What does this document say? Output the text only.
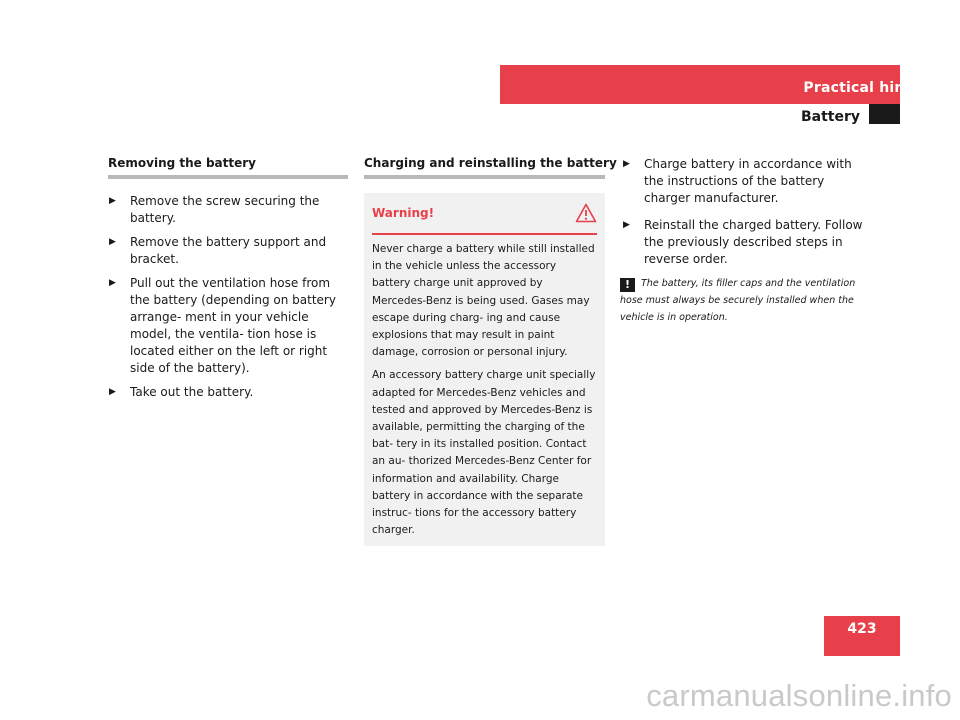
Practical hints
Battery
Removing the battery
▶	Remove the screw securing the battery.
▶	Remove the battery support and bracket.
▶	Pull out the ventilation hose from the battery (depending on battery arrange- ment in your vehicle model, the ventila- tion hose is located either on the left or right side of the battery).
▶	Take out the battery.
Charging and reinstalling the battery
Warning!

Never charge a battery while still installed in the vehicle unless the accessory battery charge unit approved by Mercedes-Benz is being used. Gases may escape during charg- ing and cause explosions that may result in paint damage, corrosion or personal injury.

An accessory battery charge unit specially adapted for Mercedes-Benz vehicles and tested and approved by Mercedes-Benz is available, permitting the charging of the bat- tery in its installed position. Contact an au- thorized Mercedes-Benz Center for information and availability. Charge battery in accordance with the separate instruc- tions for the accessory battery charger.

▶	Charge battery in accordance with the instructions of the battery charger manufacturer.
▶	Reinstall the charged battery. Follow the previously described steps in reverse order.
! The battery, its filler caps and the ventilation hose must always be securely installed when the vehicle is in operation.
423
carmanualsonline.info
